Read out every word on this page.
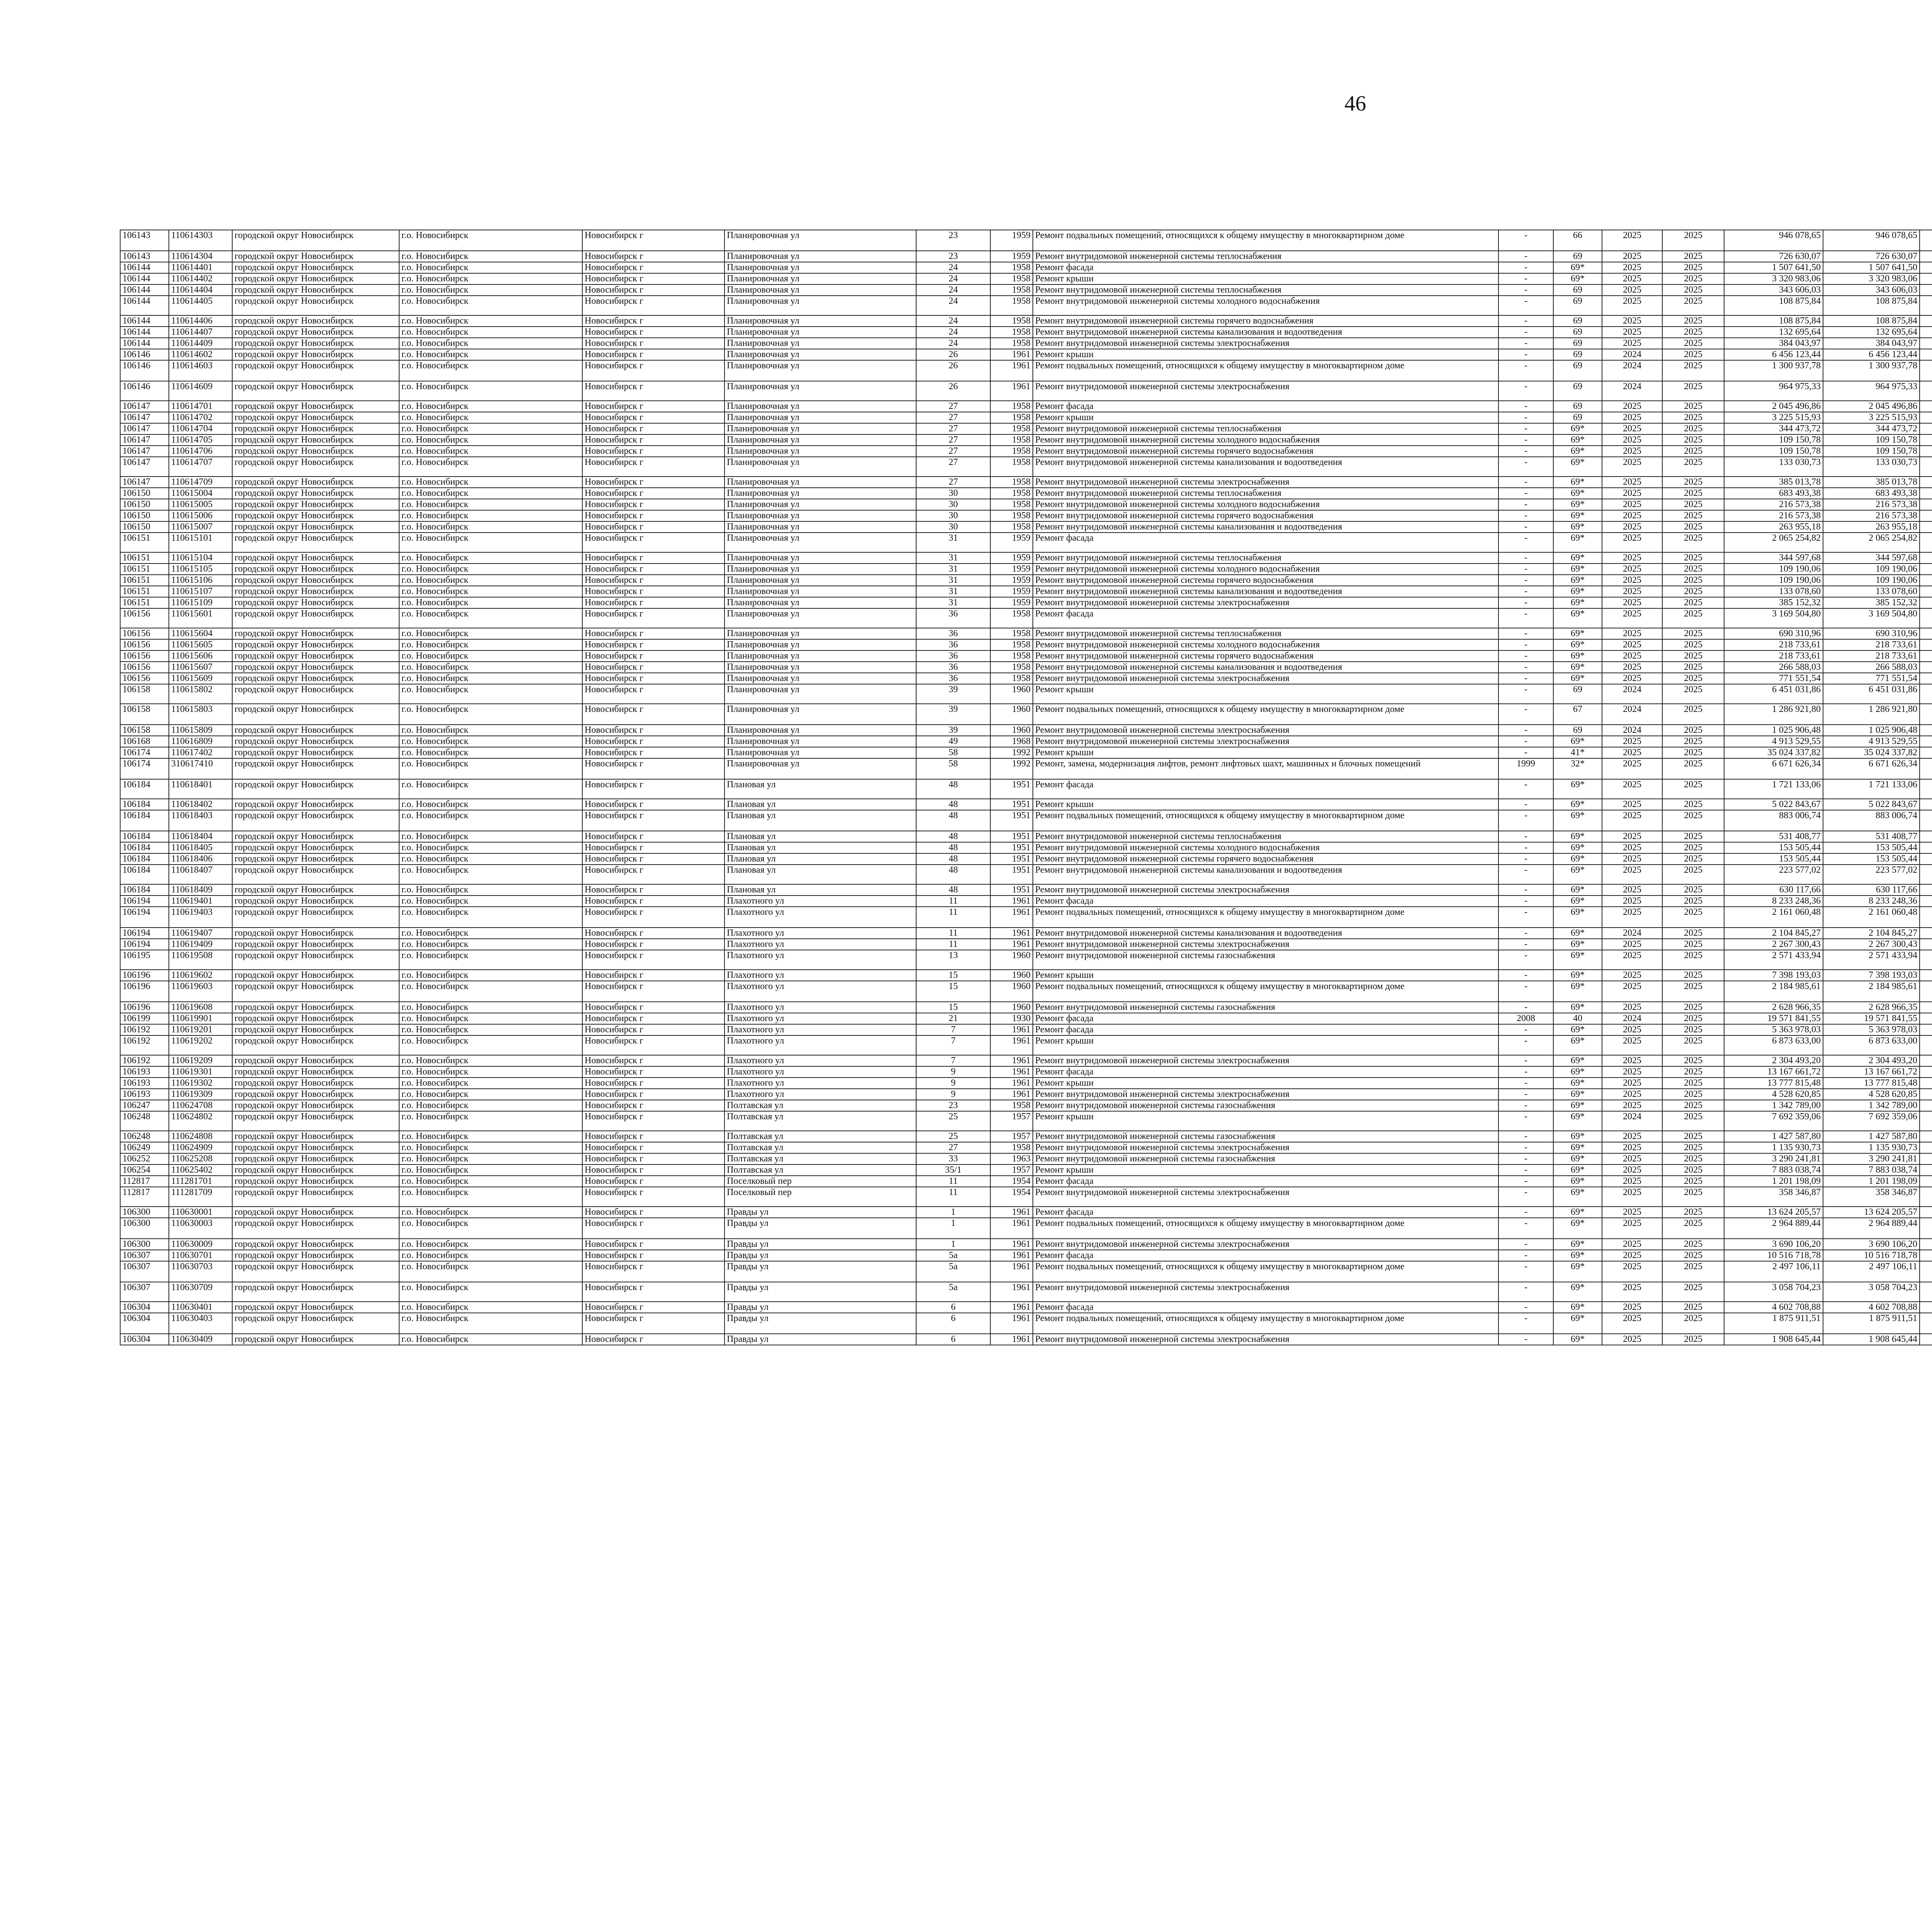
46
106143	110614303	городской округ Новосибирск	г.о. Новосибирск	Новосибирск г	Планировочная ул	23	1959	Ремонт подвальных помещений, относящихся к общему имуществу в многоквартирном доме	-	66	2025	2025	946 078,65	946 078,65					
106143	110614304	городской округ Новосибирск	г.о. Новосибирск	Новосибирск г	Планировочная ул	23	1959	Ремонт внутридомовой инженерной системы теплоснабжения	-	69	2025	2025	726 630,07	726 630,07					
106144	110614401	городской округ Новосибирск	г.о. Новосибирск	Новосибирск г	Планировочная ул	24	1958	Ремонт фасада	-	69*	2025	2025	1 507 641,50	1 507 641,50					
106144	110614402	городской округ Новосибирск	г.о. Новосибирск	Новосибирск г	Планировочная ул	24	1958	Ремонт крыши	-	69*	2025	2025	3 320 983,06	3 320 983,06					
106144	110614404	городской округ Новосибирск	г.о. Новосибирск	Новосибирск г	Планировочная ул	24	1958	Ремонт внутридомовой инженерной системы теплоснабжения	-	69	2025	2025	343 606,03	343 606,03					
106144	110614405	городской округ Новосибирск	г.о. Новосибирск	Новосибирск г	Планировочная ул	24	1958	Ремонт внутридомовой инженерной системы холодного водоснабжения	-	69	2025	2025	108 875,84	108 875,84					
106144	110614406	городской округ Новосибирск	г.о. Новосибирск	Новосибирск г	Планировочная ул	24	1958	Ремонт внутридомовой инженерной системы горячего водоснабжения	-	69	2025	2025	108 875,84	108 875,84					
106144	110614407	городской округ Новосибирск	г.о. Новосибирск	Новосибирск г	Планировочная ул	24	1958	Ремонт внутридомовой инженерной системы канализования и водоотведения	-	69	2025	2025	132 695,64	132 695,64					
106144	110614409	городской округ Новосибирск	г.о. Новосибирск	Новосибирск г	Планировочная ул	24	1958	Ремонт внутридомовой инженерной системы электроснабжения	-	69	2025	2025	384 043,97	384 043,97					
106146	110614602	городской округ Новосибирск	г.о. Новосибирск	Новосибирск г	Планировочная ул	26	1961	Ремонт крыши	-	69	2024	2025	6 456 123,44	6 456 123,44					
106146	110614603	городской округ Новосибирск	г.о. Новосибирск	Новосибирск г	Планировочная ул	26	1961	Ремонт подвальных помещений, относящихся к общему имуществу в многоквартирном доме	-	69	2024	2025	1 300 937,78	1 300 937,78					
106146	110614609	городской округ Новосибирск	г.о. Новосибирск	Новосибирск г	Планировочная ул	26	1961	Ремонт внутридомовой инженерной системы электроснабжения	-	69	2024	2025	964 975,33	964 975,33					
106147	110614701	городской округ Новосибирск	г.о. Новосибирск	Новосибирск г	Планировочная ул	27	1958	Ремонт фасада	-	69	2025	2025	2 045 496,86	2 045 496,86					
106147	110614702	городской округ Новосибирск	г.о. Новосибирск	Новосибирск г	Планировочная ул	27	1958	Ремонт крыши	-	69	2025	2025	3 225 515,93	3 225 515,93					
106147	110614704	городской округ Новосибирск	г.о. Новосибирск	Новосибирск г	Планировочная ул	27	1958	Ремонт внутридомовой инженерной системы теплоснабжения	-	69*	2025	2025	344 473,72	344 473,72					
106147	110614705	городской округ Новосибирск	г.о. Новосибирск	Новосибирск г	Планировочная ул	27	1958	Ремонт внутридомовой инженерной системы холодного водоснабжения	-	69*	2025	2025	109 150,78	109 150,78					
106147	110614706	городской округ Новосибирск	г.о. Новосибирск	Новосибирск г	Планировочная ул	27	1958	Ремонт внутридомовой инженерной системы горячего водоснабжения	-	69*	2025	2025	109 150,78	109 150,78					
106147	110614707	городской округ Новосибирск	г.о. Новосибирск	Новосибирск г	Планировочная ул	27	1958	Ремонт внутридомовой инженерной системы канализования и водоотведения	-	69*	2025	2025	133 030,73	133 030,73					
106147	110614709	городской округ Новосибирск	г.о. Новосибирск	Новосибирск г	Планировочная ул	27	1958	Ремонт внутридомовой инженерной системы электроснабжения	-	69*	2025	2025	385 013,78	385 013,78					
106150	110615004	городской округ Новосибирск	г.о. Новосибирск	Новосибирск г	Планировочная ул	30	1958	Ремонт внутридомовой инженерной системы теплоснабжения	-	69*	2025	2025	683 493,38	683 493,38					
106150	110615005	городской округ Новосибирск	г.о. Новосибирск	Новосибирск г	Планировочная ул	30	1958	Ремонт внутридомовой инженерной системы холодного водоснабжения	-	69*	2025	2025	216 573,38	216 573,38					
106150	110615006	городской округ Новосибирск	г.о. Новосибирск	Новосибирск г	Планировочная ул	30	1958	Ремонт внутридомовой инженерной системы горячего водоснабжения	-	69*	2025	2025	216 573,38	216 573,38					
106150	110615007	городской округ Новосибирск	г.о. Новосибирск	Новосибирск г	Планировочная ул	30	1958	Ремонт внутридомовой инженерной системы канализования и водоотведения	-	69*	2025	2025	263 955,18	263 955,18					
106151	110615101	городской округ Новосибирск	г.о. Новосибирск	Новосибирск г	Планировочная ул	31	1959	Ремонт фасада	-	69*	2025	2025	2 065 254,82	2 065 254,82					
106151	110615104	городской округ Новосибирск	г.о. Новосибирск	Новосибирск г	Планировочная ул	31	1959	Ремонт внутридомовой инженерной системы теплоснабжения	-	69*	2025	2025	344 597,68	344 597,68					
106151	110615105	городской округ Новосибирск	г.о. Новосибирск	Новосибирск г	Планировочная ул	31	1959	Ремонт внутридомовой инженерной системы холодного водоснабжения	-	69*	2025	2025	109 190,06	109 190,06					
106151	110615106	городской округ Новосибирск	г.о. Новосибирск	Новосибирск г	Планировочная ул	31	1959	Ремонт внутридомовой инженерной системы горячего водоснабжения	-	69*	2025	2025	109 190,06	109 190,06					
106151	110615107	городской округ Новосибирск	г.о. Новосибирск	Новосибирск г	Планировочная ул	31	1959	Ремонт внутридомовой инженерной системы канализования и водоотведения	-	69*	2025	2025	133 078,60	133 078,60					
106151	110615109	городской округ Новосибирск	г.о. Новосибирск	Новосибирск г	Планировочная ул	31	1959	Ремонт внутридомовой инженерной системы электроснабжения	-	69*	2025	2025	385 152,32	385 152,32					
106156	110615601	городской округ Новосибирск	г.о. Новосибирск	Новосибирск г	Планировочная ул	36	1958	Ремонт фасада	-	69*	2025	2025	3 169 504,80	3 169 504,80					
106156	110615604	городской округ Новосибирск	г.о. Новосибирск	Новосибирск г	Планировочная ул	36	1958	Ремонт внутридомовой инженерной системы теплоснабжения	-	69*	2025	2025	690 310,96	690 310,96					
106156	110615605	городской округ Новосибирск	г.о. Новосибирск	Новосибирск г	Планировочная ул	36	1958	Ремонт внутридомовой инженерной системы холодного водоснабжения	-	69*	2025	2025	218 733,61	218 733,61					
106156	110615606	городской округ Новосибирск	г.о. Новосибирск	Новосибирск г	Планировочная ул	36	1958	Ремонт внутридомовой инженерной системы горячего водоснабжения	-	69*	2025	2025	218 733,61	218 733,61					
106156	110615607	городской округ Новосибирск	г.о. Новосибирск	Новосибирск г	Планировочная ул	36	1958	Ремонт внутридомовой инженерной системы канализования и водоотведения	-	69*	2025	2025	266 588,03	266 588,03					
106156	110615609	городской округ Новосибирск	г.о. Новосибирск	Новосибирск г	Планировочная ул	36	1958	Ремонт внутридомовой инженерной системы электроснабжения	-	69*	2025	2025	771 551,54	771 551,54					
106158	110615802	городской округ Новосибирск	г.о. Новосибирск	Новосибирск г	Планировочная ул	39	1960	Ремонт крыши	-	69	2024	2025	6 451 031,86	6 451 031,86					
106158	110615803	городской округ Новосибирск	г.о. Новосибирск	Новосибирск г	Планировочная ул	39	1960	Ремонт подвальных помещений, относящихся к общему имуществу в многоквартирном доме	-	67	2024	2025	1 286 921,80	1 286 921,80					
106158	110615809	городской округ Новосибирск	г.о. Новосибирск	Новосибирск г	Планировочная ул	39	1960	Ремонт внутридомовой инженерной системы электроснабжения	-	69	2024	2025	1 025 906,48	1 025 906,48					
106168	110616809	городской округ Новосибирск	г.о. Новосибирск	Новосибирск г	Планировочная ул	49	1968	Ремонт внутридомовой инженерной системы электроснабжения	-	69*	2025	2025	4 913 529,55	4 913 529,55					
106174	110617402	городской округ Новосибирск	г.о. Новосибирск	Новосибирск г	Планировочная ул	58	1992	Ремонт крыши	-	41*	2025	2025	35 024 337,82	35 024 337,82					
106174	310617410	городской округ Новосибирск	г.о. Новосибирск	Новосибирск г	Планировочная ул	58	1992	Ремонт, замена, модернизация лифтов, ремонт лифтовых шахт, машинных и блочных помещений	1999	32*	2025	2025	6 671 626,34	6 671 626,34					
106184	110618401	городской округ Новосибирск	г.о. Новосибирск	Новосибирск г	Плановая ул	48	1951	Ремонт фасада	-	69*	2025	2025	1 721 133,06	1 721 133,06					
106184	110618402	городской округ Новосибирск	г.о. Новосибирск	Новосибирск г	Плановая ул	48	1951	Ремонт крыши	-	69*	2025	2025	5 022 843,67	5 022 843,67					
106184	110618403	городской округ Новосибирск	г.о. Новосибирск	Новосибирск г	Плановая ул	48	1951	Ремонт подвальных помещений, относящихся к общему имуществу в многоквартирном доме	-	69*	2025	2025	883 006,74	883 006,74					
106184	110618404	городской округ Новосибирск	г.о. Новосибирск	Новосибирск г	Плановая ул	48	1951	Ремонт внутридомовой инженерной системы теплоснабжения	-	69*	2025	2025	531 408,77	531 408,77					
106184	110618405	городской округ Новосибирск	г.о. Новосибирск	Новосибирск г	Плановая ул	48	1951	Ремонт внутридомовой инженерной системы холодного водоснабжения	-	69*	2025	2025	153 505,44	153 505,44					
106184	110618406	городской округ Новосибирск	г.о. Новосибирск	Новосибирск г	Плановая ул	48	1951	Ремонт внутридомовой инженерной системы горячего водоснабжения	-	69*	2025	2025	153 505,44	153 505,44					
106184	110618407	городской округ Новосибирск	г.о. Новосибирск	Новосибирск г	Плановая ул	48	1951	Ремонт внутридомовой инженерной системы канализования и водоотведения	-	69*	2025	2025	223 577,02	223 577,02					
106184	110618409	городской округ Новосибирск	г.о. Новосибирск	Новосибирск г	Плановая ул	48	1951	Ремонт внутридомовой инженерной системы электроснабжения	-	69*	2025	2025	630 117,66	630 117,66					
106194	110619401	городской округ Новосибирск	г.о. Новосибирск	Новосибирск г	Плахотного ул	11	1961	Ремонт фасада	-	69*	2025	2025	8 233 248,36	8 233 248,36					
106194	110619403	городской округ Новосибирск	г.о. Новосибирск	Новосибирск г	Плахотного ул	11	1961	Ремонт подвальных помещений, относящихся к общему имуществу в многоквартирном доме	-	69*	2025	2025	2 161 060,48	2 161 060,48					
106194	110619407	городской округ Новосибирск	г.о. Новосибирск	Новосибирск г	Плахотного ул	11	1961	Ремонт внутридомовой инженерной системы канализования и водоотведения	-	69*	2024	2025	2 104 845,27	2 104 845,27					
106194	110619409	городской округ Новосибирск	г.о. Новосибирск	Новосибирск г	Плахотного ул	11	1961	Ремонт внутридомовой инженерной системы электроснабжения	-	69*	2025	2025	2 267 300,43	2 267 300,43					
106195	110619508	городской округ Новосибирск	г.о. Новосибирск	Новосибирск г	Плахотного ул	13	1960	Ремонт внутридомовой инженерной системы газоснабжения	-	69*	2025	2025	2 571 433,94	2 571 433,94					
106196	110619602	городской округ Новосибирск	г.о. Новосибирск	Новосибирск г	Плахотного ул	15	1960	Ремонт крыши	-	69*	2025	2025	7 398 193,03	7 398 193,03					
106196	110619603	городской округ Новосибирск	г.о. Новосибирск	Новосибирск г	Плахотного ул	15	1960	Ремонт подвальных помещений, относящихся к общему имуществу в многоквартирном доме	-	69*	2025	2025	2 184 985,61	2 184 985,61					
106196	110619608	городской округ Новосибирск	г.о. Новосибирск	Новосибирск г	Плахотного ул	15	1960	Ремонт внутридомовой инженерной системы газоснабжения	-	69*	2025	2025	2 628 966,35	2 628 966,35					
106199	110619901	городской округ Новосибирск	г.о. Новосибирск	Новосибирск г	Плахотного ул	21	1930	Ремонт фасада	2008	40	2024	2025	19 571 841,55	19 571 841,55					
106192	110619201	городской округ Новосибирск	г.о. Новосибирск	Новосибирск г	Плахотного ул	7	1961	Ремонт фасада	-	69*	2025	2025	5 363 978,03	5 363 978,03					
106192	110619202	городской округ Новосибирск	г.о. Новосибирск	Новосибирск г	Плахотного ул	7	1961	Ремонт крыши	-	69*	2025	2025	6 873 633,00	6 873 633,00					
106192	110619209	городской округ Новосибирск	г.о. Новосибирск	Новосибирск г	Плахотного ул	7	1961	Ремонт внутридомовой инженерной системы электроснабжения	-	69*	2025	2025	2 304 493,20	2 304 493,20					
106193	110619301	городской округ Новосибирск	г.о. Новосибирск	Новосибирск г	Плахотного ул	9	1961	Ремонт фасада	-	69*	2025	2025	13 167 661,72	13 167 661,72					
106193	110619302	городской округ Новосибирск	г.о. Новосибирск	Новосибирск г	Плахотного ул	9	1961	Ремонт крыши	-	69*	2025	2025	13 777 815,48	13 777 815,48					
106193	110619309	городской округ Новосибирск	г.о. Новосибирск	Новосибирск г	Плахотного ул	9	1961	Ремонт внутридомовой инженерной системы электроснабжения	-	69*	2025	2025	4 528 620,85	4 528 620,85					
106247	110624708	городской округ Новосибирск	г.о. Новосибирск	Новосибирск г	Полтавская ул	23	1958	Ремонт внутридомовой инженерной системы газоснабжения	-	69*	2025	2025	1 342 789,00	1 342 789,00					
106248	110624802	городской округ Новосибирск	г.о. Новосибирск	Новосибирск г	Полтавская ул	25	1957	Ремонт крыши	-	69*	2024	2025	7 692 359,06	7 692 359,06					
106248	110624808	городской округ Новосибирск	г.о. Новосибирск	Новосибирск г	Полтавская ул	25	1957	Ремонт внутридомовой инженерной системы газоснабжения	-	69*	2025	2025	1 427 587,80	1 427 587,80					
106249	110624909	городской округ Новосибирск	г.о. Новосибирск	Новосибирск г	Полтавская ул	27	1958	Ремонт внутридомовой инженерной системы электроснабжения	-	69*	2025	2025	1 135 930,73	1 135 930,73					
106252	110625208	городской округ Новосибирск	г.о. Новосибирск	Новосибирск г	Полтавская ул	33	1963	Ремонт внутридомовой инженерной системы газоснабжения	-	69*	2025	2025	3 290 241,81	3 290 241,81					
106254	110625402	городской округ Новосибирск	г.о. Новосибирск	Новосибирск г	Полтавская ул	35/1	1957	Ремонт крыши	-	69*	2025	2025	7 883 038,74	7 883 038,74					
112817	111281701	городской округ Новосибирск	г.о. Новосибирск	Новосибирск г	Поселковый пер	11	1954	Ремонт фасада	-	69*	2025	2025	1 201 198,09	1 201 198,09					
112817	111281709	городской округ Новосибирск	г.о. Новосибирск	Новосибирск г	Поселковый пер	11	1954	Ремонт внутридомовой инженерной системы электроснабжения	-	69*	2025	2025	358 346,87	358 346,87					
106300	110630001	городской округ Новосибирск	г.о. Новосибирск	Новосибирск г	Правды ул	1	1961	Ремонт фасада	-	69*	2025	2025	13 624 205,57	13 624 205,57					
106300	110630003	городской округ Новосибирск	г.о. Новосибирск	Новосибирск г	Правды ул	1	1961	Ремонт подвальных помещений, относящихся к общему имуществу в многоквартирном доме	-	69*	2025	2025	2 964 889,44	2 964 889,44					
106300	110630009	городской округ Новосибирск	г.о. Новосибирск	Новосибирск г	Правды ул	1	1961	Ремонт внутридомовой инженерной системы электроснабжения	-	69*	2025	2025	3 690 106,20	3 690 106,20					
106307	110630701	городской округ Новосибирск	г.о. Новосибирск	Новосибирск г	Правды ул	5а	1961	Ремонт фасада	-	69*	2025	2025	10 516 718,78	10 516 718,78					
106307	110630703	городской округ Новосибирск	г.о. Новосибирск	Новосибирск г	Правды ул	5а	1961	Ремонт подвальных помещений, относящихся к общему имуществу в многоквартирном доме	-	69*	2025	2025	2 497 106,11	2 497 106,11					
106307	110630709	городской округ Новосибирск	г.о. Новосибирск	Новосибирск г	Правды ул	5а	1961	Ремонт внутридомовой инженерной системы электроснабжения	-	69*	2025	2025	3 058 704,23	3 058 704,23					
106304	110630401	городской округ Новосибирск	г.о. Новосибирск	Новосибирск г	Правды ул	6	1961	Ремонт фасада	-	69*	2025	2025	4 602 708,88	4 602 708,88					
106304	110630403	городской округ Новосибирск	г.о. Новосибирск	Новосибирск г	Правды ул	6	1961	Ремонт подвальных помещений, относящихся к общему имуществу в многоквартирном доме	-	69*	2025	2025	1 875 911,51	1 875 911,51					
106304	110630409	городской округ Новосибирск	г.о. Новосибирск	Новосибирск г	Правды ул	6	1961	Ремонт внутридомовой инженерной системы электроснабжения	-	69*	2025	2025	1 908 645,44	1 908 645,44					
